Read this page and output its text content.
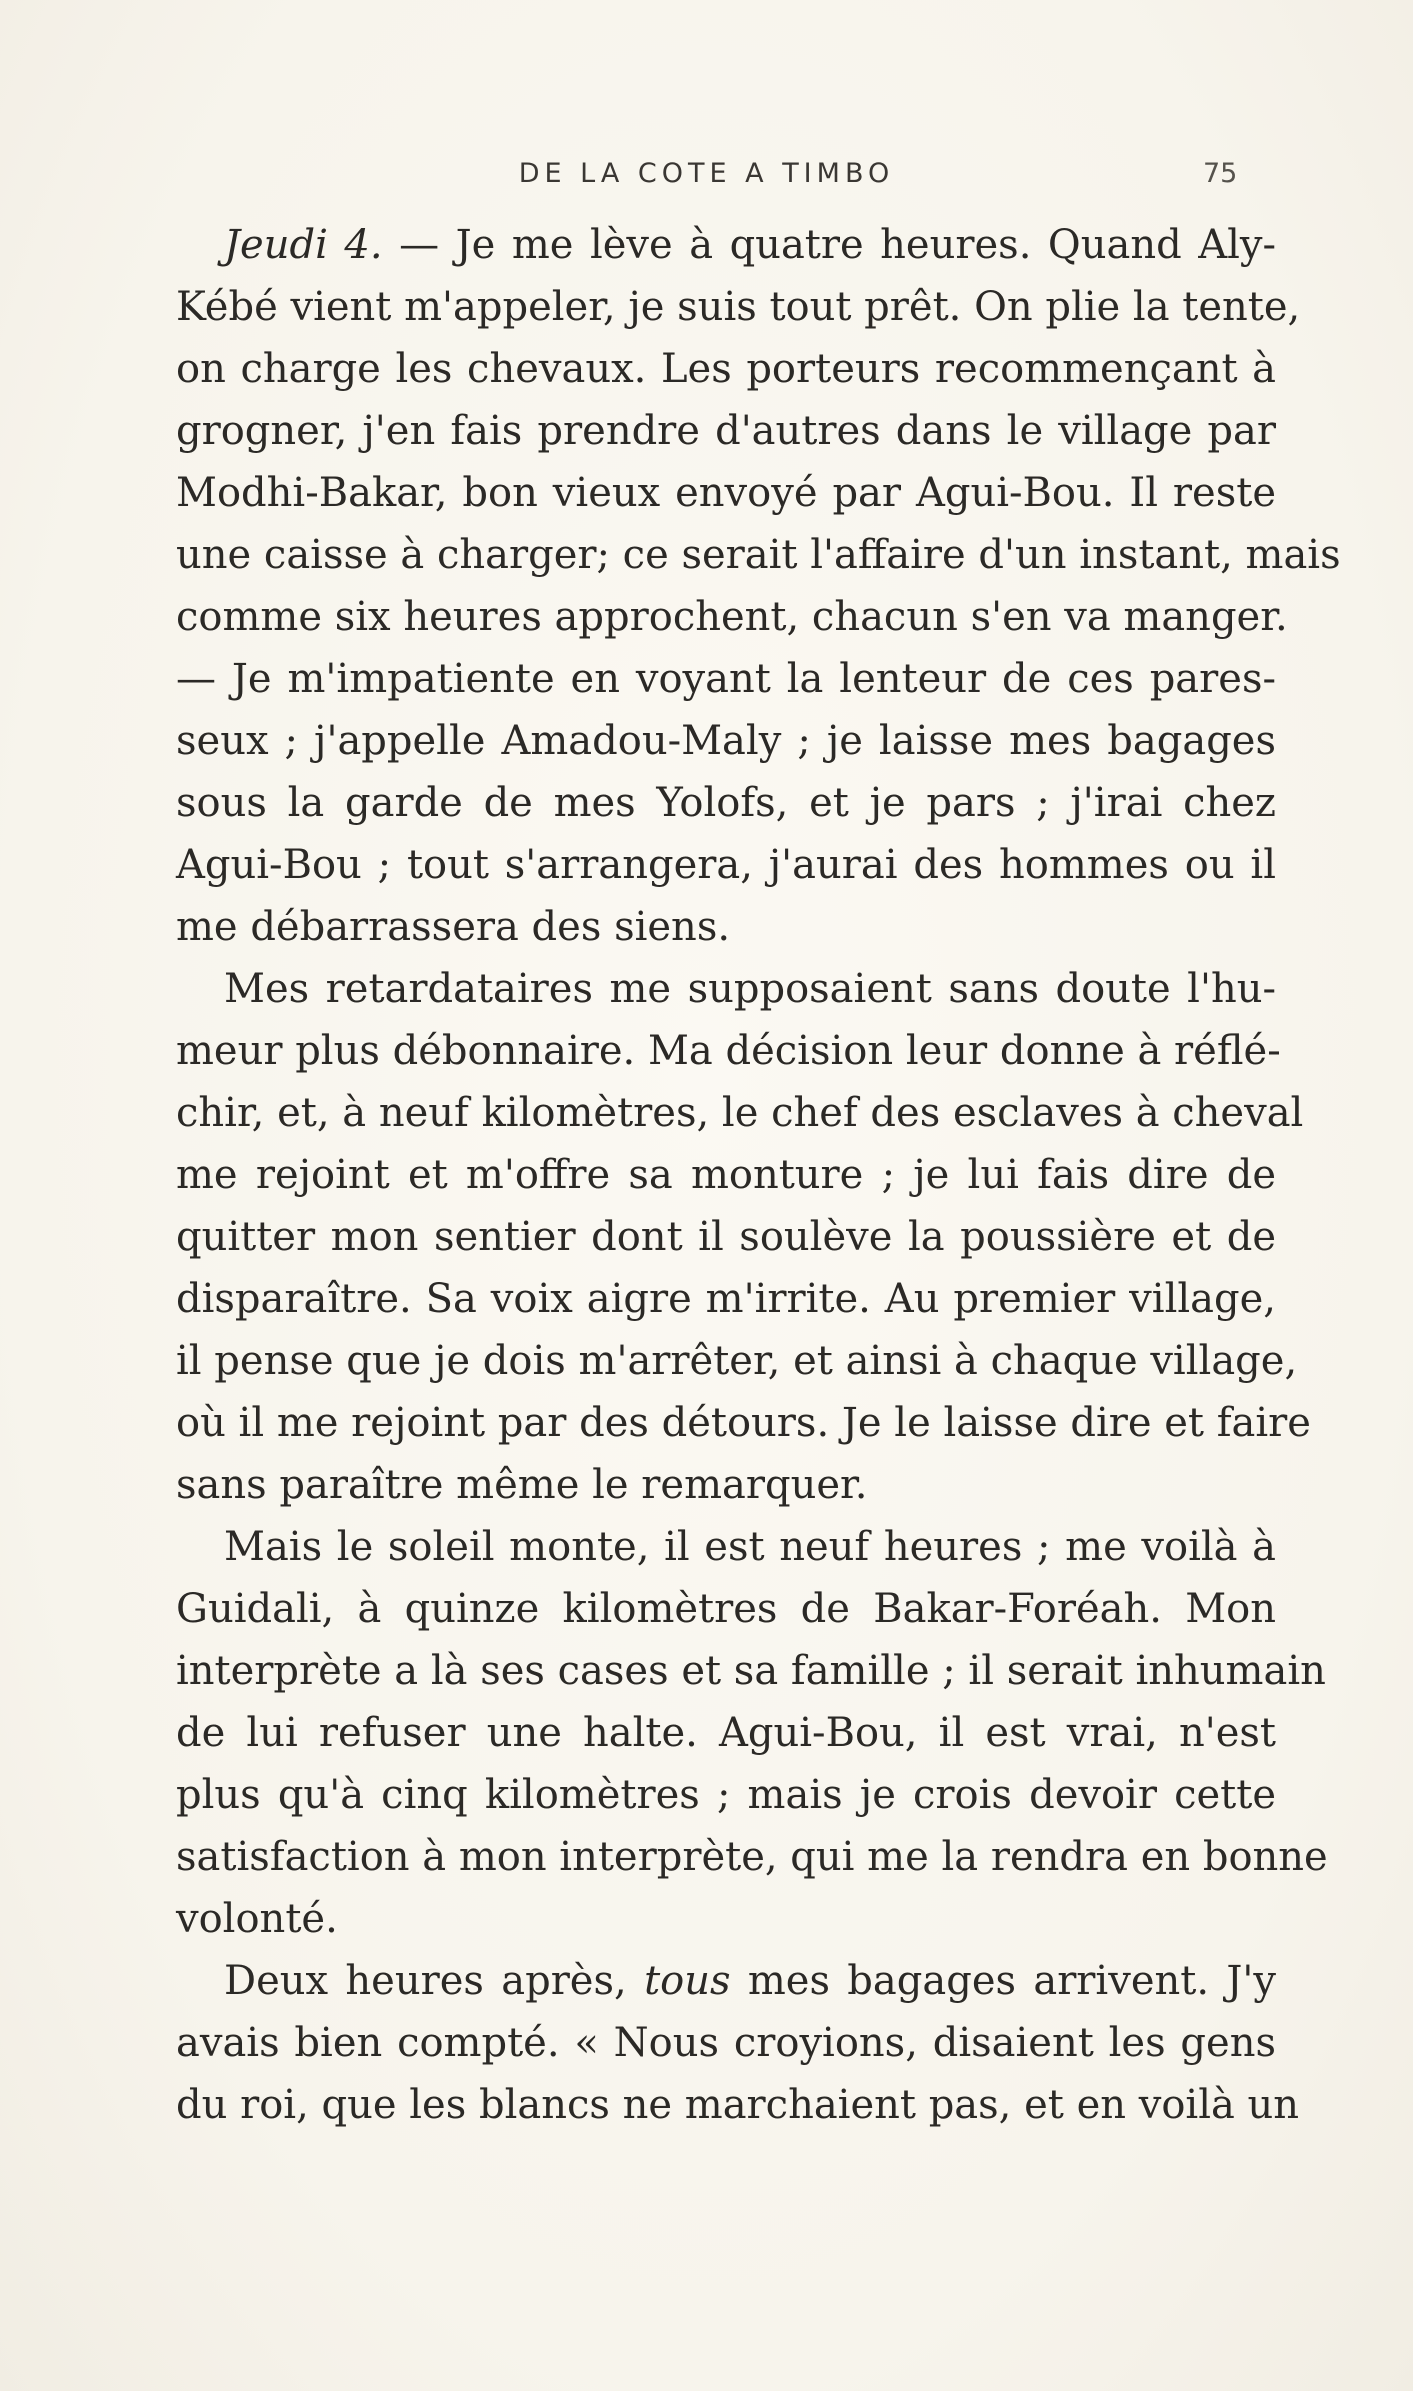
DE LA COTE A TIMBO	75
Jeudi 4. — Je me lève à quatre heures. Quand Aly-
Kébé vient m'appeler, je suis tout prêt. On plie la tente,
on charge les chevaux. Les porteurs recommençant à
grogner, j'en fais prendre d'autres dans le village par
Modhi-Bakar, bon vieux envoyé par Agui-Bou. Il reste
une caisse à charger; ce serait l'affaire d'un instant, mais
comme six heures approchent, chacun s'en va manger.
— Je m'impatiente en voyant la lenteur de ces pares-
seux ; j'appelle Amadou-Maly ; je laisse mes bagages
sous la garde de mes Yolofs, et je pars ; j'irai chez
Agui-Bou ; tout s'arrangera, j'aurai des hommes ou il
me débarrassera des siens.
Mes retardataires me supposaient sans doute l'hu-
meur plus débonnaire. Ma décision leur donne à réflé-
chir, et, à neuf kilomètres, le chef des esclaves à cheval
me rejoint et m'offre sa monture ; je lui fais dire de
quitter mon sentier dont il soulève la poussière et de
disparaître. Sa voix aigre m'irrite. Au premier village,
il pense que je dois m'arrêter, et ainsi à chaque village,
où il me rejoint par des détours. Je le laisse dire et faire
sans paraître même le remarquer.
Mais le soleil monte, il est neuf heures ; me voilà à
Guidali, à quinze kilomètres de Bakar-Foréah. Mon
interprète a là ses cases et sa famille ; il serait inhumain
de lui refuser une halte. Agui-Bou, il est vrai, n'est
plus qu'à cinq kilomètres ; mais je crois devoir cette
satisfaction à mon interprète, qui me la rendra en bonne
volonté.
Deux heures après, tous mes bagages arrivent. J'y
avais bien compté. « Nous croyions, disaient les gens
du roi, que les blancs ne marchaient pas, et en voilà un
